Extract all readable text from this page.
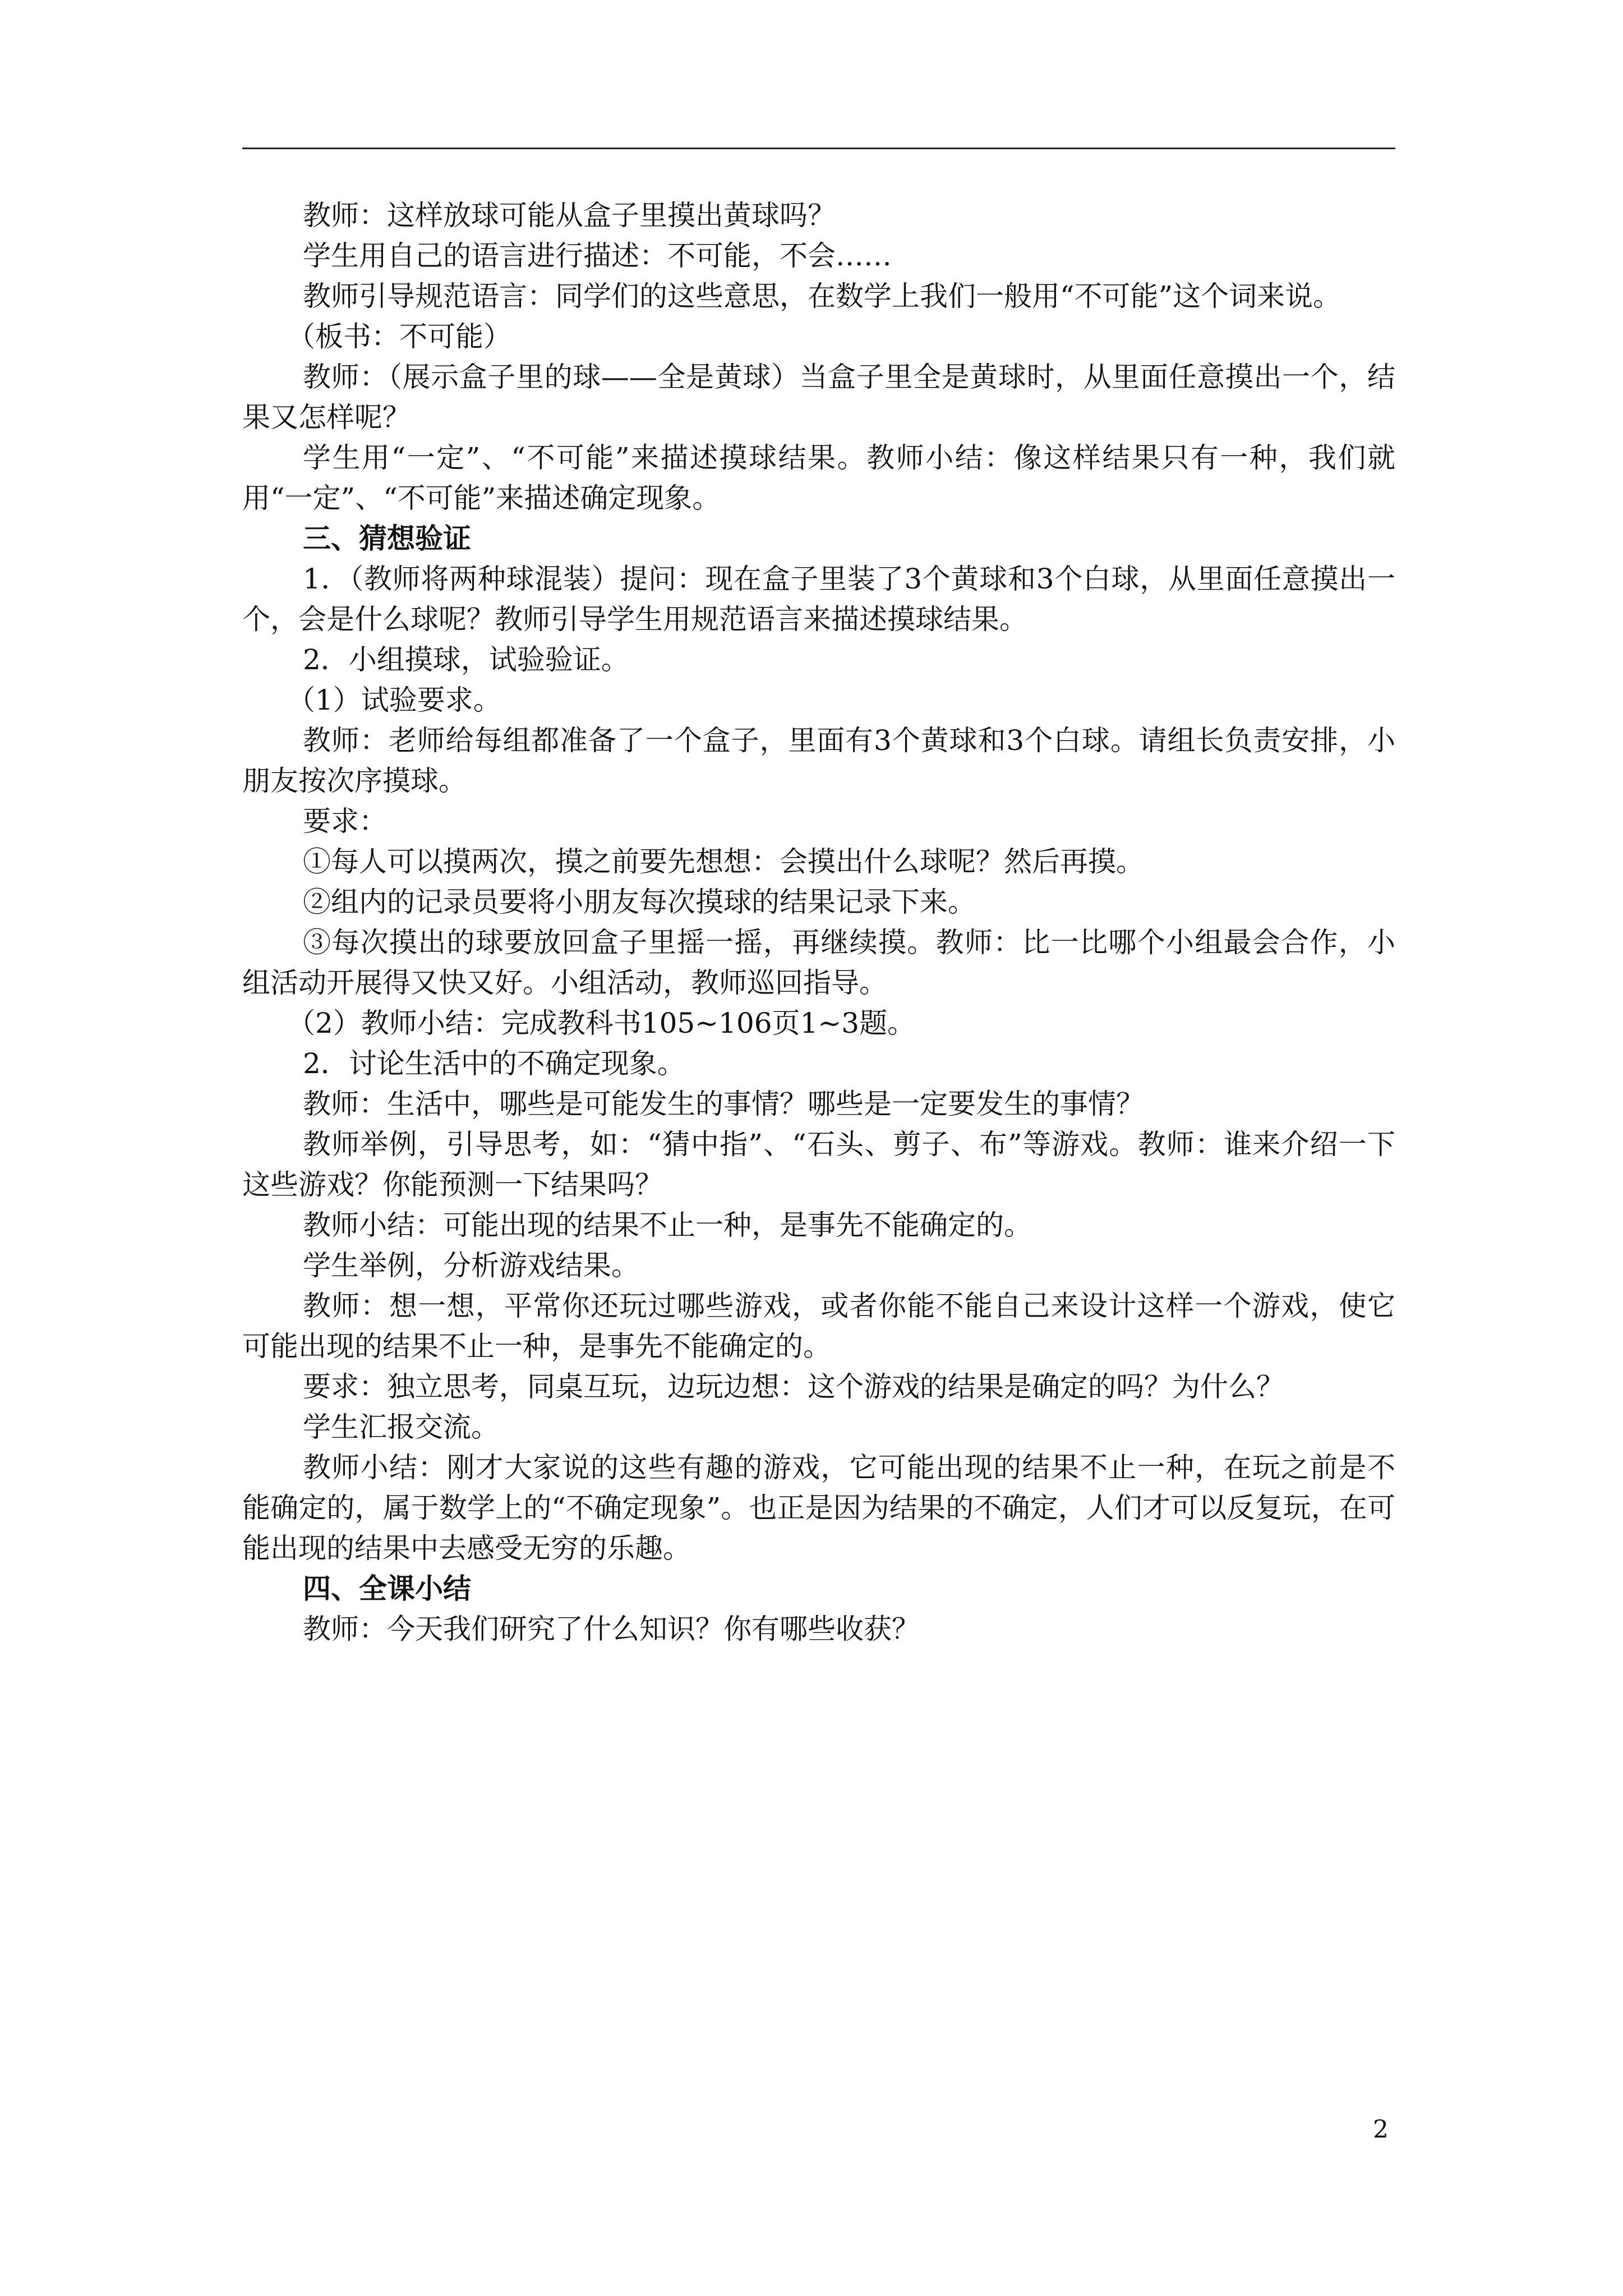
教师：这样放球可能从盒子里摸出黄球吗？

学生用自己的语言进行描述：不可能，不会……

教师引导规范语言：同学们的这些意思，在数学上我们一般用“不可能”这个词来说。

（板书：不可能）

教师：（展示盒子里的球——全是黄球）当盒子里全是黄球时，从里面任意摸出一个，结果又怎样呢？

学生用“一定”、“不可能”来描述摸球结果。教师小结：像这样结果只有一种，我们就用“一定”、“不可能”来描述确定现象。

三、猜想验证

1．（教师将两种球混装）提问：现在盒子里装了3个黄球和3个白球，从里面任意摸出一个，会是什么球呢？教师引导学生用规范语言来描述摸球结果。

2．小组摸球，试验验证。

（1）试验要求。

教师：老师给每组都准备了一个盒子，里面有3个黄球和3个白球。请组长负责安排，小朋友按次序摸球。

要求：

①每人可以摸两次，摸之前要先想想：会摸出什么球呢？然后再摸。

②组内的记录员要将小朋友每次摸球的结果记录下来。

③每次摸出的球要放回盒子里摇一摇，再继续摸。教师：比一比哪个小组最会合作，小组活动开展得又快又好。小组活动，教师巡回指导。

（2）教师小结：完成教科书105~106页1~3题。

2．讨论生活中的不确定现象。

教师：生活中，哪些是可能发生的事情？哪些是一定要发生的事情？

教师举例，引导思考，如：“猜中指”、“石头、剪子、布”等游戏。教师：谁来介绍一下这些游戏？你能预测一下结果吗？

教师小结：可能出现的结果不止一种，是事先不能确定的。

学生举例，分析游戏结果。

教师：想一想，平常你还玩过哪些游戏，或者你能不能自己来设计这样一个游戏，使它可能出现的结果不止一种，是事先不能确定的。

要求：独立思考，同桌互玩，边玩边想：这个游戏的结果是确定的吗？为什么？

学生汇报交流。

教师小结：刚才大家说的这些有趣的游戏，它可能出现的结果不止一种，在玩之前是不能确定的，属于数学上的“不确定现象”。也正是因为结果的不确定，人们才可以反复玩，在可能出现的结果中去感受无穷的乐趣。

四、全课小结

教师：今天我们研究了什么知识？你有哪些收获？

2
